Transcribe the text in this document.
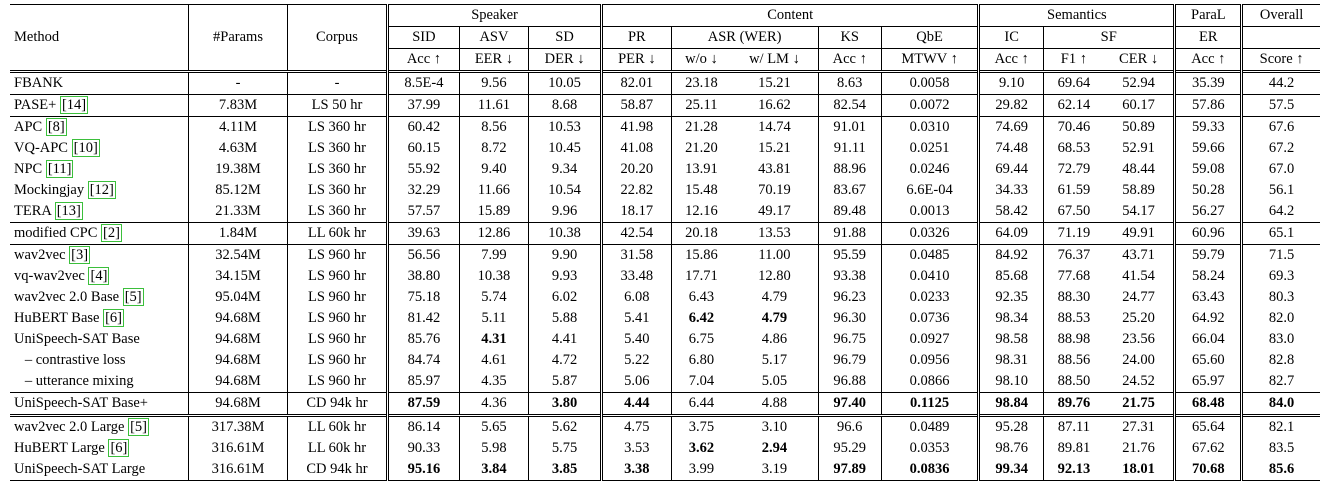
Method	#Params	Corpus	Speaker			Content					Semantics			ParaL	Overall
			SID	ASV	SD	PR	ASR (WER)		KS	QbE	IC	SF		ER	
			Acc ↑	EER ↓	DER ↓	PER ↓	w/o ↓	w/ LM ↓	Acc ↑	MTWV ↑	Acc ↑	F1 ↑	CER ↓	Acc ↑	Score ↑
FBANK	-	-	8.5E-4	9.56	10.05	82.01	23.18	15.21	8.63	0.0058	9.10	69.64	52.94	35.39	44.2
PASE+ [14]	7.83M	LS 50 hr	37.99	11.61	8.68	58.87	25.11	16.62	82.54	0.0072	29.82	62.14	60.17	57.86	57.5
APC [8]	4.11M	LS 360 hr	60.42	8.56	10.53	41.98	21.28	14.74	91.01	0.0310	74.69	70.46	50.89	59.33	67.6
VQ-APC [10]	4.63M	LS 360 hr	60.15	8.72	10.45	41.08	21.20	15.21	91.11	0.0251	74.48	68.53	52.91	59.66	67.2
NPC [11]	19.38M	LS 360 hr	55.92	9.40	9.34	20.20	13.91	43.81	88.96	0.0246	69.44	72.79	48.44	59.08	67.0
Mockingjay [12]	85.12M	LS 360 hr	32.29	11.66	10.54	22.82	15.48	70.19	83.67	6.6E-04	34.33	61.59	58.89	50.28	56.1
TERA [13]	21.33M	LS 360 hr	57.57	15.89	9.96	18.17	12.16	49.17	89.48	0.0013	58.42	67.50	54.17	56.27	64.2
modified CPC [2]	1.84M	LL 60k hr	39.63	12.86	10.38	42.54	20.18	13.53	91.88	0.0326	64.09	71.19	49.91	60.96	65.1
wav2vec [3]	32.54M	LS 960 hr	56.56	7.99	9.90	31.58	15.86	11.00	95.59	0.0485	84.92	76.37	43.71	59.79	71.5
vq-wav2vec [4]	34.15M	LS 960 hr	38.80	10.38	9.93	33.48	17.71	12.80	93.38	0.0410	85.68	77.68	41.54	58.24	69.3
wav2vec 2.0 Base [5]	95.04M	LS 960 hr	75.18	5.74	6.02	6.08	6.43	4.79	96.23	0.0233	92.35	88.30	24.77	63.43	80.3
HuBERT Base [6]	94.68M	LS 960 hr	81.42	5.11	5.88	5.41	6.42	4.79	96.30	0.0736	98.34	88.53	25.20	64.92	82.0
UniSpeech-SAT Base	94.68M	LS 960 hr	85.76	4.31	4.41	5.40	6.75	4.86	96.75	0.0927	98.58	88.98	23.56	66.04	83.0
– contrastive loss	94.68M	LS 960 hr	84.74	4.61	4.72	5.22	6.80	5.17	96.79	0.0956	98.31	88.56	24.00	65.60	82.8
– utterance mixing	94.68M	LS 960 hr	85.97	4.35	5.87	5.06	7.04	5.05	96.88	0.0866	98.10	88.50	24.52	65.97	82.7
UniSpeech-SAT Base+	94.68M	CD 94k hr	87.59	4.36	3.80	4.44	6.44	4.88	97.40	0.1125	98.84	89.76	21.75	68.48	84.0
wav2vec 2.0 Large [5]	317.38M	LL 60k hr	86.14	5.65	5.62	4.75	3.75	3.10	96.6	0.0489	95.28	87.11	27.31	65.64	82.1
HuBERT Large [6]	316.61M	LL 60k hr	90.33	5.98	5.75	3.53	3.62	2.94	95.29	0.0353	98.76	89.81	21.76	67.62	83.5
UniSpeech-SAT Large	316.61M	CD 94k hr	95.16	3.84	3.85	3.38	3.99	3.19	97.89	0.0836	99.34	92.13	18.01	70.68	85.6
